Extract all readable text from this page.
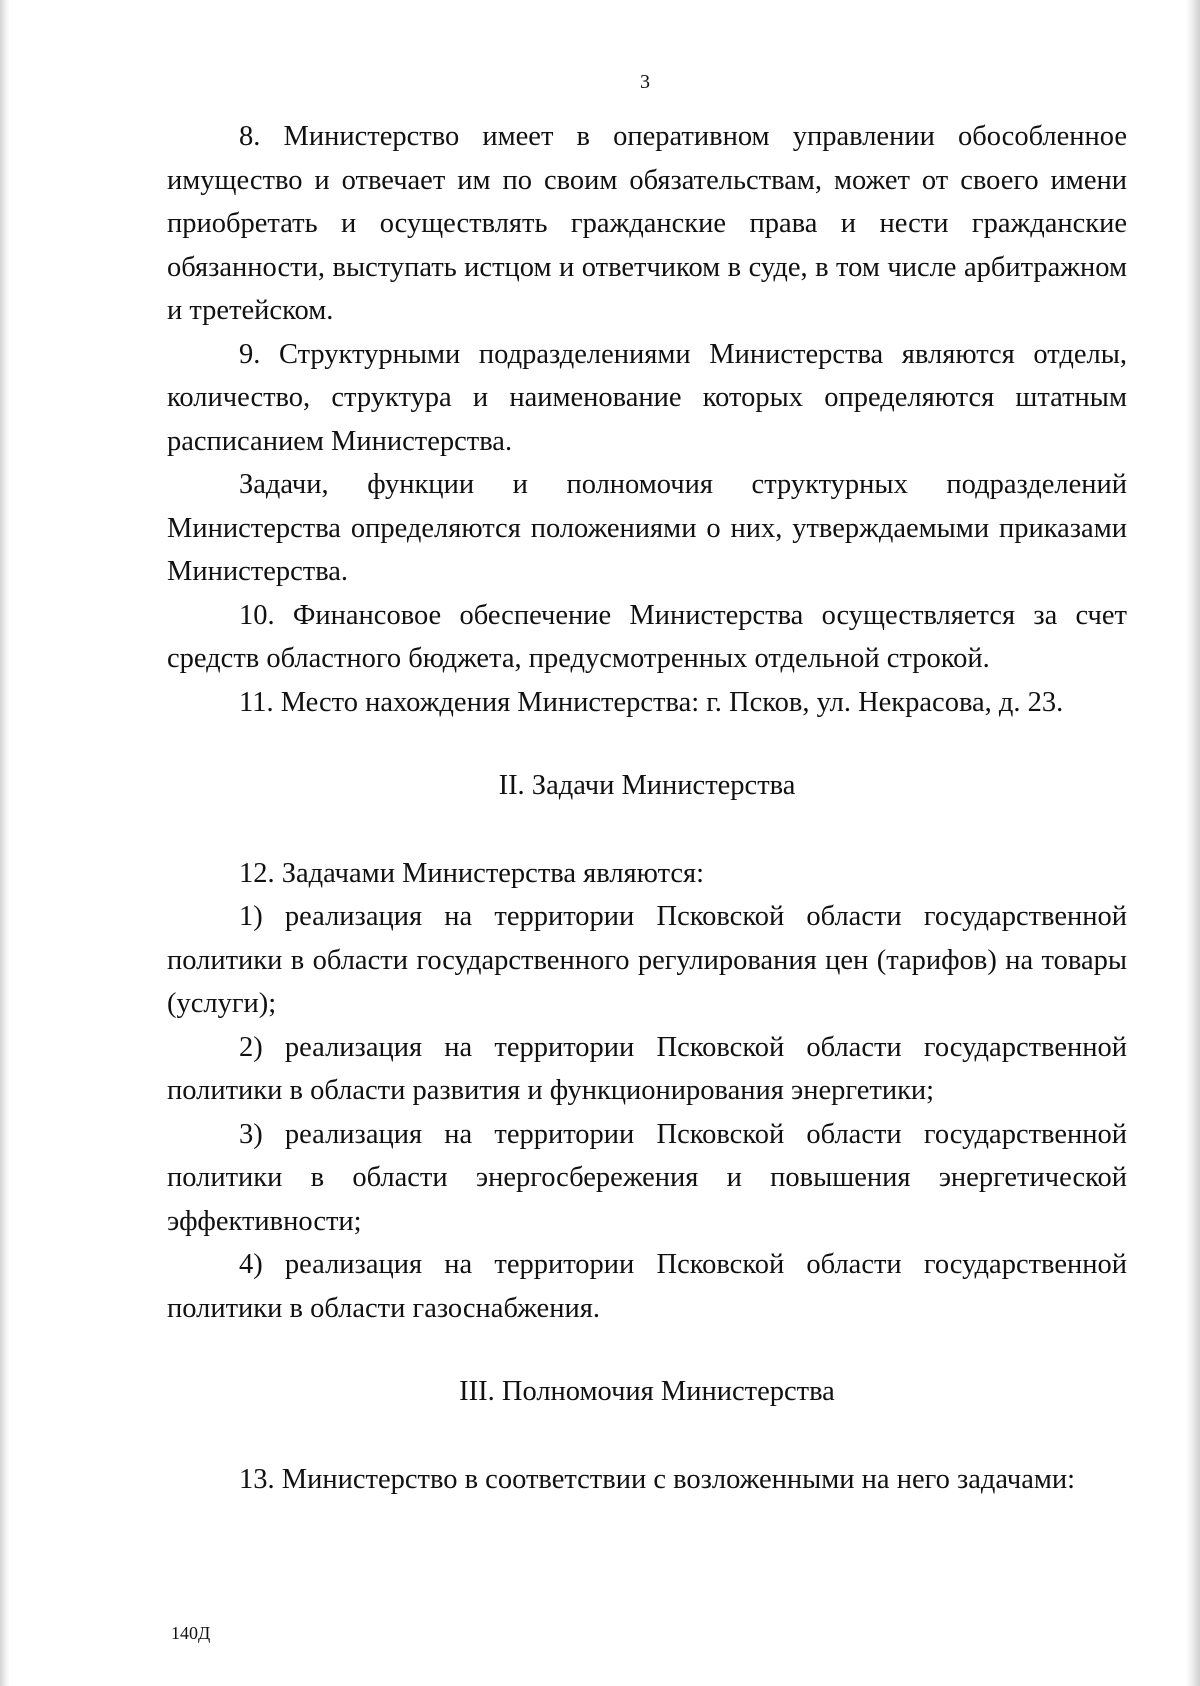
3

8. Министерство имеет в оперативном управлении обособленное имущество и отвечает им по своим обязательствам, может от своего имени приобретать и осуществлять гражданские права и нести гражданские обязанности, выступать истцом и ответчиком в суде, в том числе арбитражном и третейском.

9. Структурными подразделениями Министерства являются отделы, количество, структура и наименование которых определяются штатным расписанием Министерства.

Задачи, функции и полномочия структурных подразделений Министерства определяются положениями о них, утверждаемыми приказами Министерства.

10. Финансовое обеспечение Министерства осуществляется за счет средств областного бюджета, предусмотренных отдельной строкой.

11. Место нахождения Министерства: г. Псков, ул. Некрасова, д. 23.

II. Задачи Министерства

12. Задачами Министерства являются:

1) реализация на территории Псковской области государственной политики в области государственного регулирования цен (тарифов) на товары (услуги);

2) реализация на территории Псковской области государственной политики в области развития и функционирования энергетики;

3) реализация на территории Псковской области государственной политики в области энергосбережения и повышения энергетической эффективности;

4) реализация на территории Псковской области государственной политики в области газоснабжения.

III. Полномочия Министерства

13. Министерство в соответствии с возложенными на него задачами:

140Д
